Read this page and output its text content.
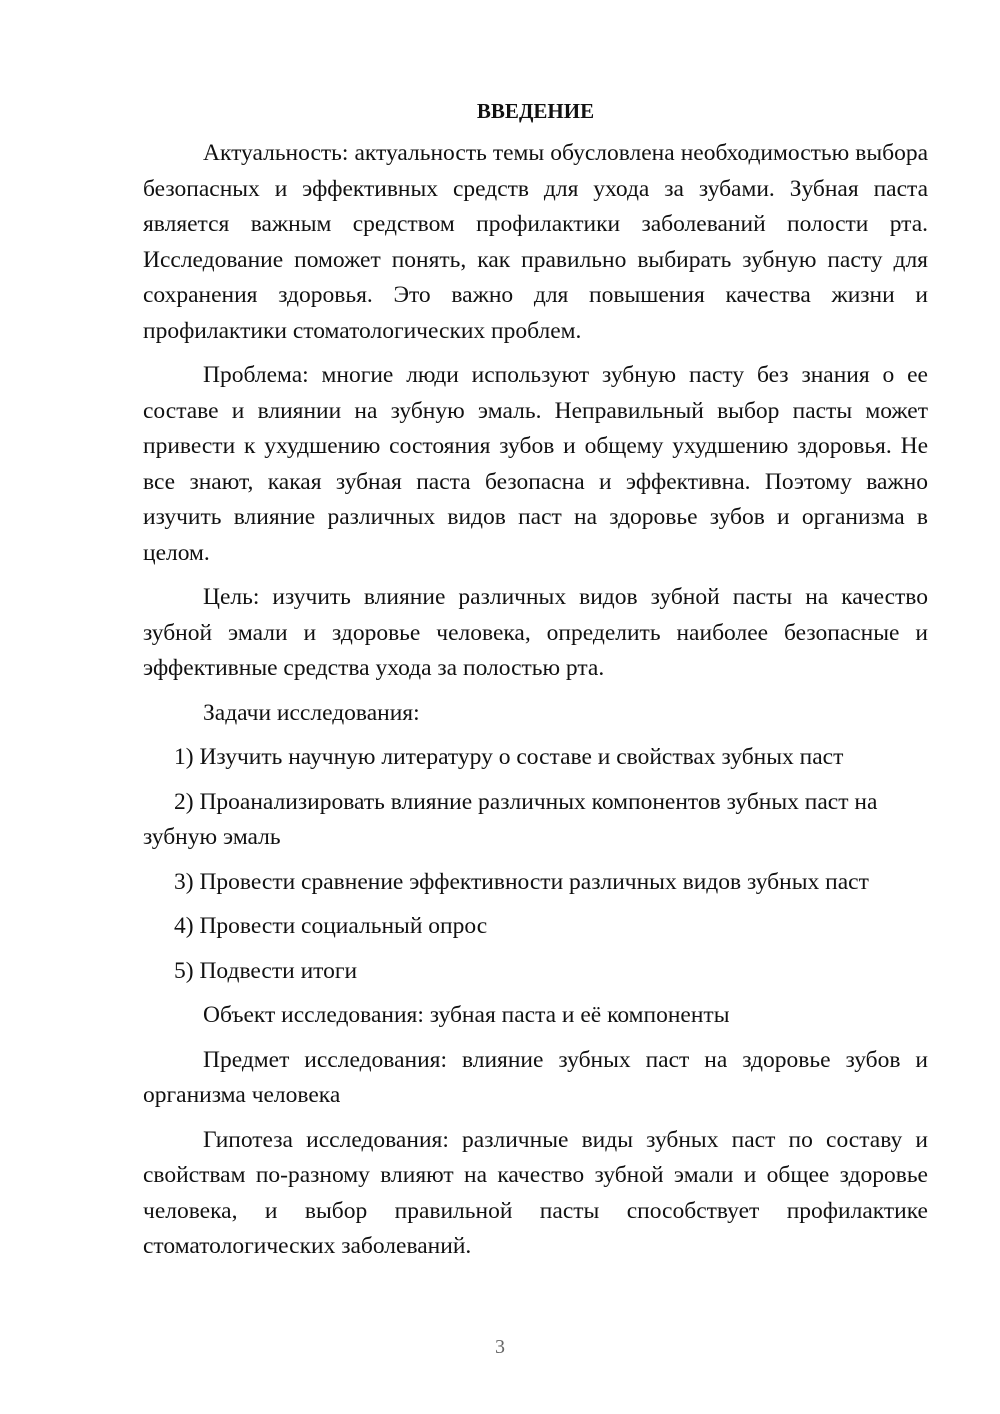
ВВЕДЕНИЕ

Актуальность: актуальность темы обусловлена необходимостью выбора безопасных и эффективных средств для ухода за зубами. Зубная паста является важным средством профилактики заболеваний полости рта. Исследование поможет понять, как правильно выбирать зубную пасту для сохранения здоровья. Это важно для повышения качества жизни и профилактики стоматологических проблем.

Проблема: многие люди используют зубную пасту без знания о ее составе и влиянии на зубную эмаль. Неправильный выбор пасты может привести к ухудшению состояния зубов и общему ухудшению здоровья. Не все знают, какая зубная паста безопасна и эффективна. Поэтому важно изучить влияние различных видов паст на здоровье зубов и организма в целом.

Цель: изучить влияние различных видов зубной пасты на качество зубной эмали и здоровье человека, определить наиболее безопасные и эффективные средства ухода за полостью рта.

Задачи исследования:

1) Изучить научную литературу о составе и свойствах зубных паст

2) Проанализировать влияние различных компонентов зубных паст на зубную эмаль

3) Провести сравнение эффективности различных видов зубных паст

4) Провести социальный опрос

5) Подвести итоги

Объект исследования: зубная паста и её компоненты

Предмет исследования: влияние зубных паст на здоровье зубов и организма человека

Гипотеза исследования: различные виды зубных паст по составу и свойствам по-разному влияют на качество зубной эмали и общее здоровье человека, и выбор правильной пасты способствует профилактике стоматологических заболеваний.

3
